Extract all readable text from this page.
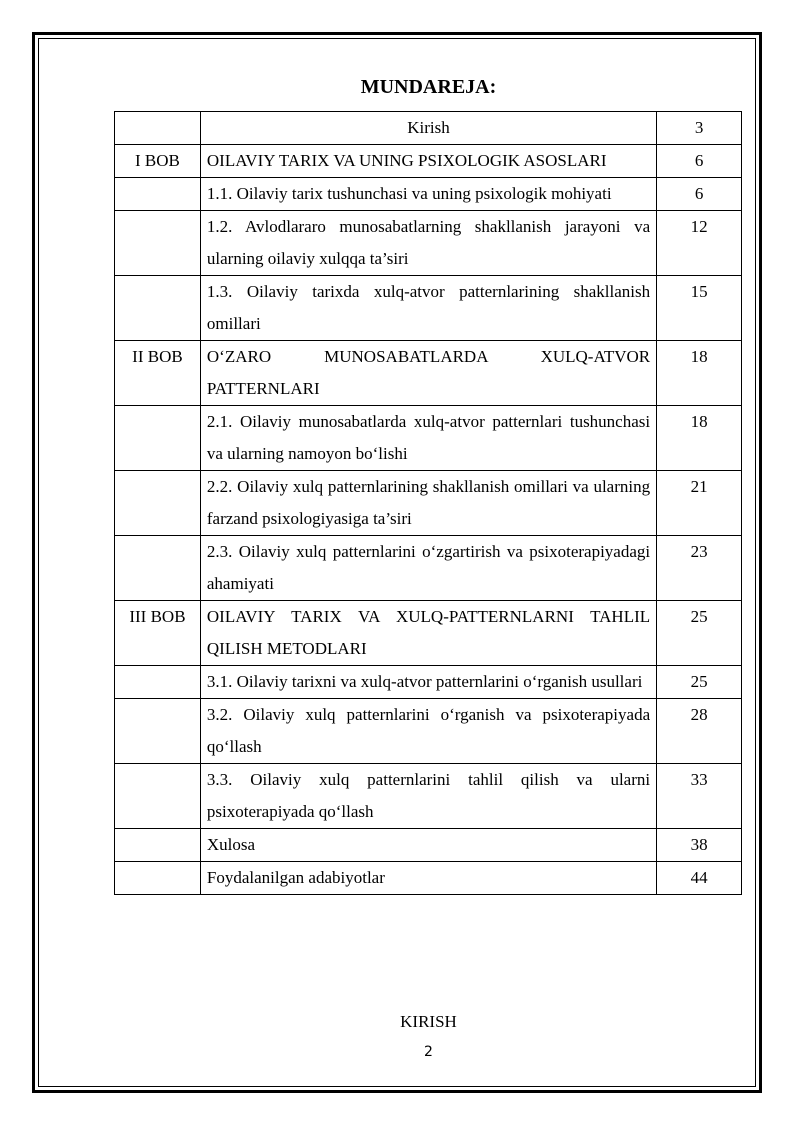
MUNDAREJA:
	Kirish	3
I BOB	OILAVIY TARIX VA UNING PSIXOLOGIK ASOSLARI	6
	1.1. Oilaviy tarix tushunchasi va uning psixologik mohiyati	6
	1.2. Avlodlararo munosabatlarning shakllanish jarayoni va ularning oilaviy xulqqa ta’siri	12
	1.3. Oilaviy tarixda xulq-atvor patternlarining shakllanish omillari	15
II BOB	O‘ZARO MUNOSABATLARDA XULQ-ATVOR PATTERNLARI	18
	2.1. Oilaviy munosabatlarda xulq-atvor patternlari tushunchasi va ularning namoyon bo‘lishi	18
	2.2. Oilaviy xulq patternlarining shakllanish omillari va ularning farzand psixologiyasiga ta’siri	21
	2.3. Oilaviy xulq patternlarini o‘zgartirish va psixoterapiyadagi ahamiyati	23
III BOB	OILAVIY TARIX VA XULQ-PATTERNLARNI TAHLIL QILISH METODLARI	25
	3.1. Oilaviy tarixni va xulq-atvor patternlarini o‘rganish usullari	25
	3.2. Oilaviy xulq patternlarini o‘rganish va psixoterapiyada qo‘llash	28
	3.3. Oilaviy xulq patternlarini tahlil qilish va ularni psixoterapiyada qo‘llash	33
	Xulosa	38
	Foydalanilgan adabiyotlar	44
KIRISH
2
